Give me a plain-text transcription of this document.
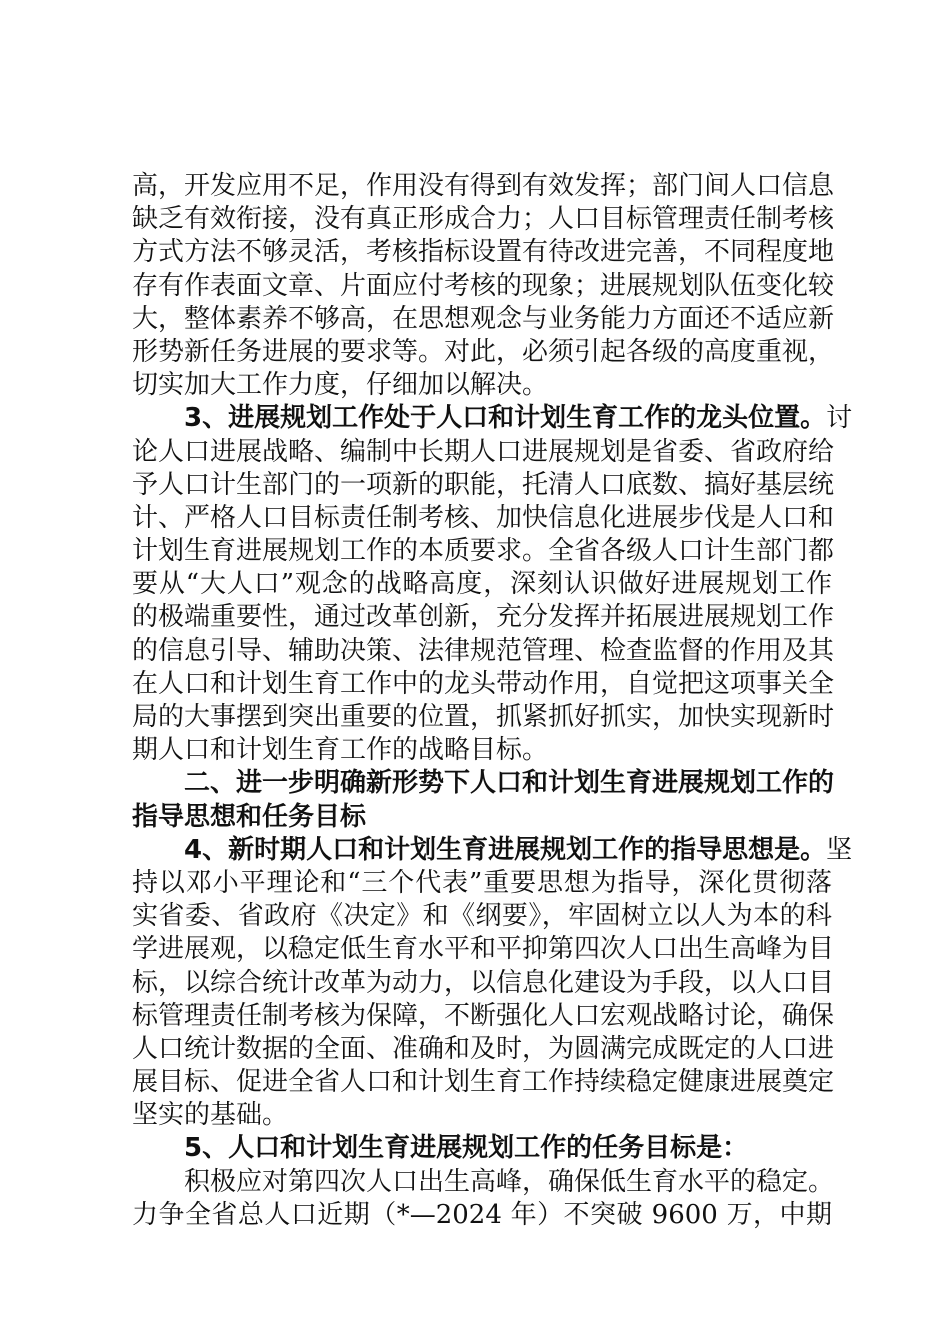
高，开发应用不足，作用没有得到有效发挥；部门间人口信息
缺乏有效衔接，没有真正形成合力；人口目标管理责任制考核
方式方法不够灵活，考核指标设置有待改进完善，不同程度地
存有作表面文章、片面应付考核的现象；进展规划队伍变化较
大，整体素养不够高，在思想观念与业务能力方面还不适应新
形势新任务进展的要求等。对此，必须引起各级的高度重视，
切实加大工作力度，仔细加以解决。
3、进展规划工作处于人口和计划生育工作的龙头位置。讨
论人口进展战略、编制中长期人口进展规划是省委、省政府给
予人口计生部门的一项新的职能，托清人口底数、搞好基层统
计、严格人口目标责任制考核、加快信息化进展步伐是人口和
计划生育进展规划工作的本质要求。全省各级人口计生部门都
要从“大人口”观念的战略高度，深刻认识做好进展规划工作
的极端重要性，通过改革创新，充分发挥并拓展进展规划工作
的信息引导、辅助决策、法律规范管理、检查监督的作用及其
在人口和计划生育工作中的龙头带动作用，自觉把这项事关全
局的大事摆到突出重要的位置，抓紧抓好抓实，加快实现新时
期人口和计划生育工作的战略目标。
二、进一步明确新形势下人口和计划生育进展规划工作的
指导思想和任务目标
4、新时期人口和计划生育进展规划工作的指导思想是。坚
持以邓小平理论和“三个代表”重要思想为指导，深化贯彻落
实省委、省政府《决定》和《纲要》，牢固树立以人为本的科
学进展观，以稳定低生育水平和平抑第四次人口出生高峰为目
标，以综合统计改革为动力，以信息化建设为手段，以人口目
标管理责任制考核为保障，不断强化人口宏观战略讨论，确保
人口统计数据的全面、准确和及时，为圆满完成既定的人口进
展目标、促进全省人口和计划生育工作持续稳定健康进展奠定
坚实的基础。
5、人口和计划生育进展规划工作的任务目标是：
积极应对第四次人口出生高峰，确保低生育水平的稳定。
力争全省总人口近期（*—2024 年）不突破 9600 万，中期
